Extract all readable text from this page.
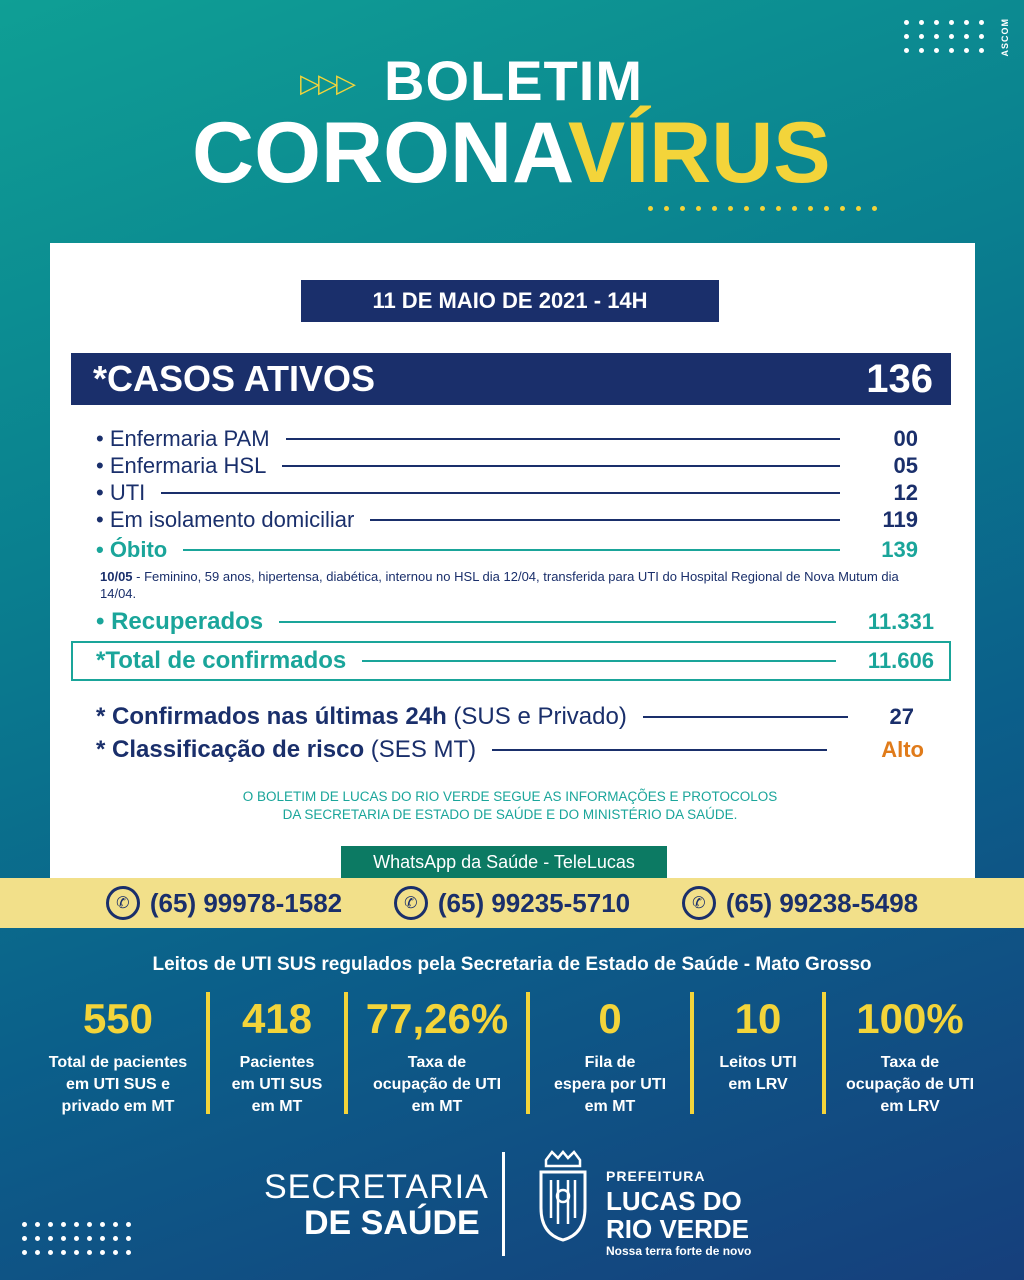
ASCOM
▷▷▷ BOLETIM
CORONAVÍRUS
11 DE MAIO DE 2021 - 14H
*CASOS ATIVOS	136
• Enfermaria PAM	00
• Enfermaria HSL	05
• UTI	12
• Em isolamento domiciliar	119
• Óbito	139
10/05 - Feminino, 59 anos, hipertensa, diabética, internou no HSL dia 12/04, transferida para UTI do Hospital Regional de Nova Mutum dia 14/04.
• Recuperados	11.331
*Total de confirmados	11.606
* Confirmados nas últimas 24h (SUS e Privado)	27
* Classificação de risco (SES MT)	Alto
O BOLETIM DE LUCAS DO RIO VERDE SEGUE AS INFORMAÇÕES E PROTOCOLOS
DA SECRETARIA DE ESTADO DE SAÚDE E DO MINISTÉRIO DA SAÚDE.
WhatsApp da Saúde - TeleLucas
✆ (65) 99978-1582	✆ (65) 99235-5710	✆ (65) 99238-5498
Leitos de UTI SUS regulados pela Secretaria de Estado de Saúde - Mato Grosso
550
Total de pacientes
em UTI SUS e
privado em MT
418
Pacientes
em UTI SUS
em MT
77,26%
Taxa de
ocupação de UTI
em MT
0
Fila de
espera por UTI
em MT
10
Leitos UTI
em LRV
100%
Taxa de
ocupação de UTI
em LRV
SECRETARIA
DE SAÚDE
PREFEITURA
LUCAS DO
RIO VERDE
Nossa terra forte de novo
